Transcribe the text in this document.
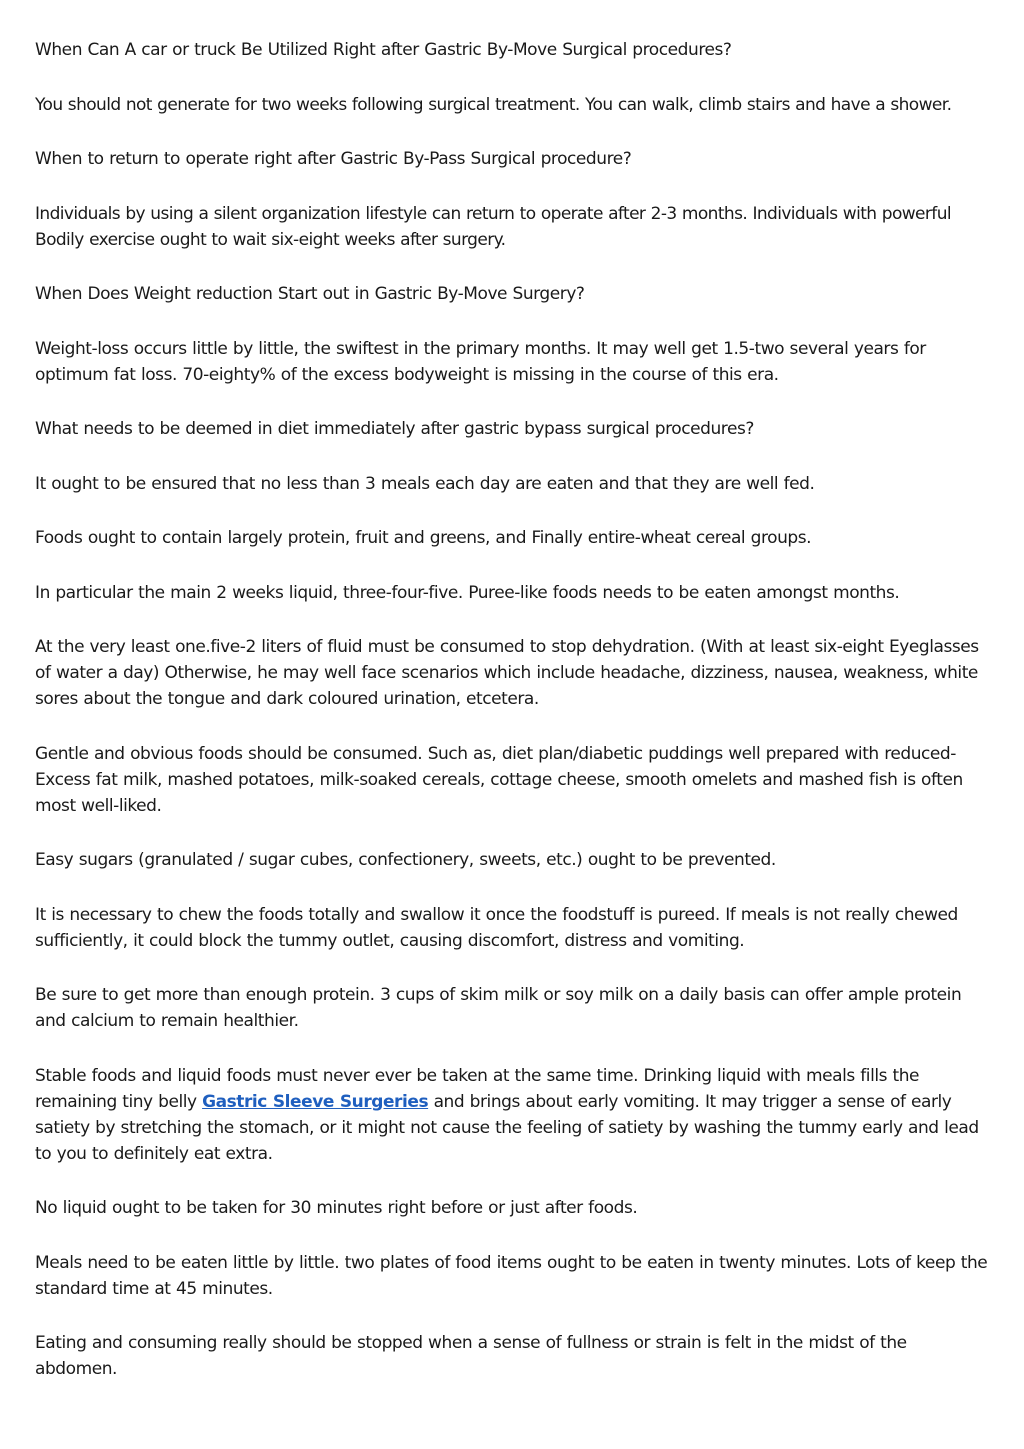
When Can A car or truck Be Utilized Right after Gastric By-Move Surgical procedures?

You should not generate for two weeks following surgical treatment. You can walk, climb stairs and have a shower.

When to return to operate right after Gastric By-Pass Surgical procedure?

Individuals by using a silent organization lifestyle can return to operate after 2-3 months. Individuals with powerful Bodily exercise ought to wait six-eight weeks after surgery.

When Does Weight reduction Start out in Gastric By-Move Surgery?

Weight-loss occurs little by little, the swiftest in the primary months. It may well get 1.5-two several years for optimum fat loss. 70-eighty% of the excess bodyweight is missing in the course of this era.

What needs to be deemed in diet immediately after gastric bypass surgical procedures?

It ought to be ensured that no less than 3 meals each day are eaten and that they are well fed.

Foods ought to contain largely protein, fruit and greens, and Finally entire-wheat cereal groups.

In particular the main 2 weeks liquid, three-four-five. Puree-like foods needs to be eaten amongst months.

At the very least one.five-2 liters of fluid must be consumed to stop dehydration. (With at least six-eight Eyeglasses of water a day) Otherwise, he may well face scenarios which include headache, dizziness, nausea, weakness, white sores about the tongue and dark coloured urination, etcetera.

Gentle and obvious foods should be consumed. Such as, diet plan/diabetic puddings well prepared with reduced-Excess fat milk, mashed potatoes, milk-soaked cereals, cottage cheese, smooth omelets and mashed fish is often most well-liked.

Easy sugars (granulated / sugar cubes, confectionery, sweets, etc.) ought to be prevented.

It is necessary to chew the foods totally and swallow it once the foodstuff is pureed. If meals is not really chewed sufficiently, it could block the tummy outlet, causing discomfort, distress and vomiting.

Be sure to get more than enough protein. 3 cups of skim milk or soy milk on a daily basis can offer ample protein and calcium to remain healthier.

Stable foods and liquid foods must never ever be taken at the same time. Drinking liquid with meals fills the remaining tiny belly Gastric Sleeve Surgeries and brings about early vomiting. It may trigger a sense of early satiety by stretching the stomach, or it might not cause the feeling of satiety by washing the tummy early and lead to you to definitely eat extra.

No liquid ought to be taken for 30 minutes right before or just after foods.

Meals need to be eaten little by little. two plates of food items ought to be eaten in twenty minutes. Lots of keep the standard time at 45 minutes.

Eating and consuming really should be stopped when a sense of fullness or strain is felt in the midst of the abdomen.
